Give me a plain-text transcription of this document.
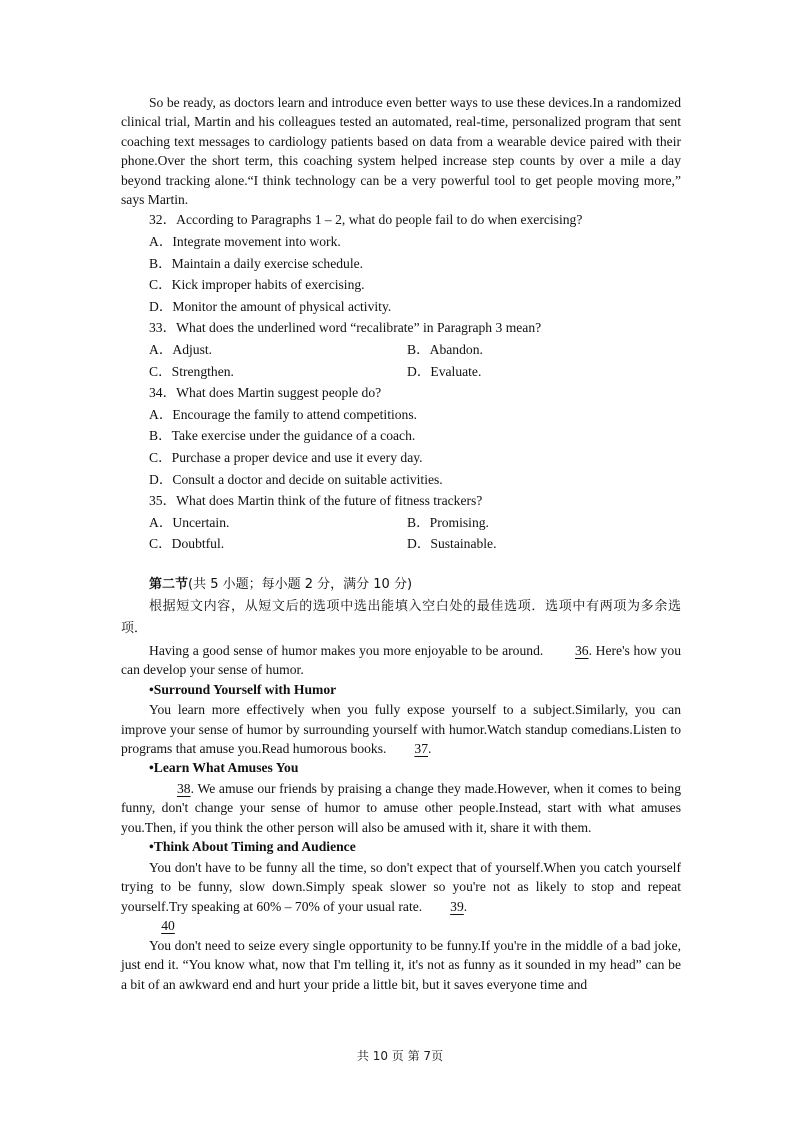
So be ready, as doctors learn and introduce even better ways to use these devices.In a randomized clinical trial, Martin and his colleagues tested an automated, real-time, personalized program that sent coaching text messages to cardiology patients based on data from a wearable device paired with their phone.Over the short term, this coaching system helped increase step counts by over a mile a day beyond tracking alone.“I think technology can be a very powerful tool to get people moving more,” says Martin.

32．According to Paragraphs 1 – 2, what do people fail to do when exercising?

A．Integrate movement into work.

B．Maintain a daily exercise schedule.

C．Kick improper habits of exercising.

D．Monitor the amount of physical activity.

33．What does the underlined word “recalibrate” in Paragraph 3 mean?

A．Adjust.	B．Abandon.
C．Strengthen.	D．Evaluate.

34．What does Martin suggest people do?

A．Encourage the family to attend competitions.

B．Take exercise under the guidance of a coach.

C．Purchase a proper device and use it every day.

D．Consult a doctor and decide on suitable activities.

35．What does Martin think of the future of fitness trackers?

A．Uncertain.	B．Promising.
C．Doubtful.	D．Sustainable.

第二节(共 5 小题；每小题 2 分，满分 10 分)

根据短文内容，从短文后的选项中选出能填入空白处的最佳选项．选项中有两项为多余选项．

Having a good sense of humor makes you more enjoyable to be around. 36. Here's how you can develop your sense of humor.

•Surround Yourself with Humor

You learn more effectively when you fully expose yourself to a subject.Similarly, you can improve your sense of humor by surrounding yourself with humor.Watch standup comedians.Listen to programs that amuse you.Read humorous books. 37.

•Learn What Amuses You

38. We amuse our friends by praising a change they made.However, when it comes to being funny, don't change your sense of humor to amuse other people.Instead, start with what amuses you.Then, if you think the other person will also be amused with it, share it with them.

•Think About Timing and Audience

You don't have to be funny all the time, so don't expect that of yourself.When you catch yourself trying to be funny, slow down.Simply speak slower so you're not as likely to stop and repeat yourself.Try speaking at 60% – 70% of your usual rate. 39.

40

You don't need to seize every single opportunity to be funny.If you're in the middle of a bad joke, just end it. “You know what, now that I'm telling it, it's not as funny as it sounded in my head” can be a bit of an awkward end and hurt your pride a little bit, but it saves everyone time and

共 10 页 第 7页
